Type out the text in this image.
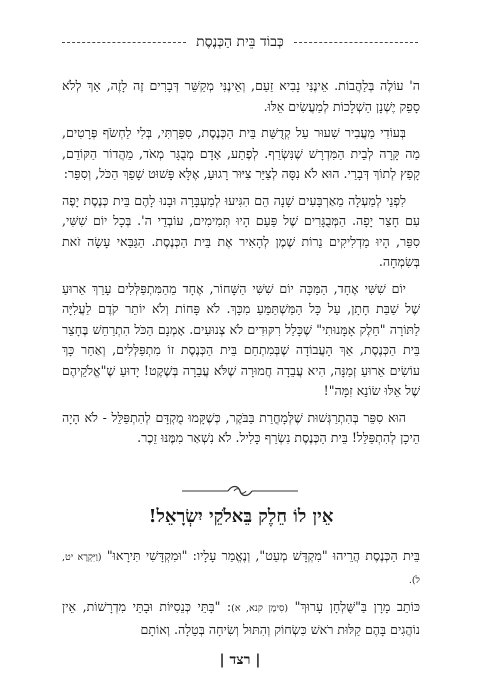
כְּבוֹד בֵּית הַכְּנֶסֶת

ה' עוֹלֶה בְּלַהֲבוֹת. אֵינֶנִּי נָבִיא זַעַם, וְאֵינֶנִּי מְקַשֵּׁר דְּבָרִים זֶה לָזֶה, אַךְ לְלֹא סָפֵק יֶשְׁנָן הַשְׁלָכוֹת לְמַעֲשִׂים אֵלּוּ.

בְּעוֹדִי מַעֲבִיר שִׁעוּר עַל קְדֻשַּׁת בֵּית הַכְּנֶסֶת, סִפַּרְתִּי, בְּלִי לַחְשֹׂף פְּרָטִים, מַה קָּרָה לְבֵית הַמִּדְרָשׁ שֶׁנִּשְׂרַף. לְפֶתַע, אָדָם מְבֻגָּר מְאֹד, מֵהֲדוֹר הַקּוֹדֵם, קָפַץ לְתוֹךְ דְּבָרַי. הוּא לֹא נִסָּה לְצַיֵּר צִיּוּר רָגוּעַ, אֶלָּא פָּשׁוּט שָׁפַךְ הַכֹּל, וְסִפֵּר:

לִפְנֵי לְמַעְלָה מֵאַרְבָּעִים שָׁנָה הֵם הִגִּיעוּ לְמַעְבָּרָה וּבָנוּ לָהֶם בֵּית כְּנֶסֶת יָפֶה עִם חָצֵר יָפָה. הַמְּבֻגָּרִים שֶׁל פַּעַם הָיוּ תְּמִימִים, עוֹבְדֵי ה'. בְּכָל יוֹם שִׁשִּׁי, סִפֵּר, הָיוּ מַדְלִיקִים נֵרוֹת שֶׁמֶן לְהָאִיר אֶת בֵּית הַכְּנֶסֶת. הַגַּבַּאי עָשָׂה זֹאת בְּשִׂמְחָה.

יוֹם שִׁשִּׁי אֶחָד, הַמַּכָּה יוֹם שִׁשִּׁי הַשָּׁחוֹר, אֶחָד מֵהַמִּתְפַּלְּלִים עָרַךְ אֵרוּעַ שֶׁל שַׁבַּת חָתָן, עַל כָּל הַמַּשְׁתַּמֵּעַ מִכָּךְ. לֹא פָּחוֹת וְלֹא יוֹתֵר קֹדֶם לַעֲלִיָּה לַתּוֹרָה "חֵלֶק אָמָּנוּתִי" שֶׁכָּלַל רִקּוּדִים לֹא צְנוּעִים. אָמְנָם הַכֹּל הִתְרַחֵשׁ בֶּחָצֵר בֵּית הַכְּנֶסֶת, אַךְ הָעֲבוֹדָה שֶׁבְּמִתְחַם בֵּית הַכְּנֶסֶת זוֹ מִתְפַּלְּלִים, וְאַחַר כָּךְ עוֹשִׂים אֵרוּעַ זְמַנָּה, הִיא עֲבֵדָה חֲמוּרָה שֶׁלֹּא עֲבֵרָה בְּשֶׁקֶט! יָדוּעַ שֶׁ"אֱלֹקֵיהֶם שֶׁל אֵלּוּ שׂוֹנֵא זִמָּה"!

הוּא סִפֵּר בְּהִתְרַגְּשׁוּת שֶׁלְּמָחֳרַת בַּבֹּקֶר, כְּשֶׁקָּמוּ מֻקְדָּם לְהִתְפַּלֵּל - לֹא הָיָה הֵיכָן לְהִתְפַּלֵּל! בֵּית הַכְּנֶסֶת נִשְׂרַף כָּלִיל. לֹא נִשְׁאַר מִמֶּנּוּ זֵכֶר.

אֵין לוֹ חֵלֶק בֵּאלֹקֵי יִשְׂרָאֵל!

בֵּית הַכְּנֶסֶת הֲרֵיהוּ "מִקְדָּשׁ מְעַט", וְנֶאֱמַר עָלָיו: "וּמִקְדָּשִׁי תִּירָאוּ" (וַיִּקְרָא יט, ל).

כּוֹתֵב מָרָן בַּ"שֻּׁלְחָן עָרוּךְ" (סִימָן קנא, א): "בָּתֵּי כְּנֵסִיּוֹת וּבָתֵּי מִדְרָשׁוֹת, אֵין נוֹהֲגִים בָּהֶם קַלּוּת רֹאשׁ כִּשְׂחוֹק וְהִתּוּל וְשִׂיחָה בְּטֵלָה. וְאוֹתָם

| רצד |
